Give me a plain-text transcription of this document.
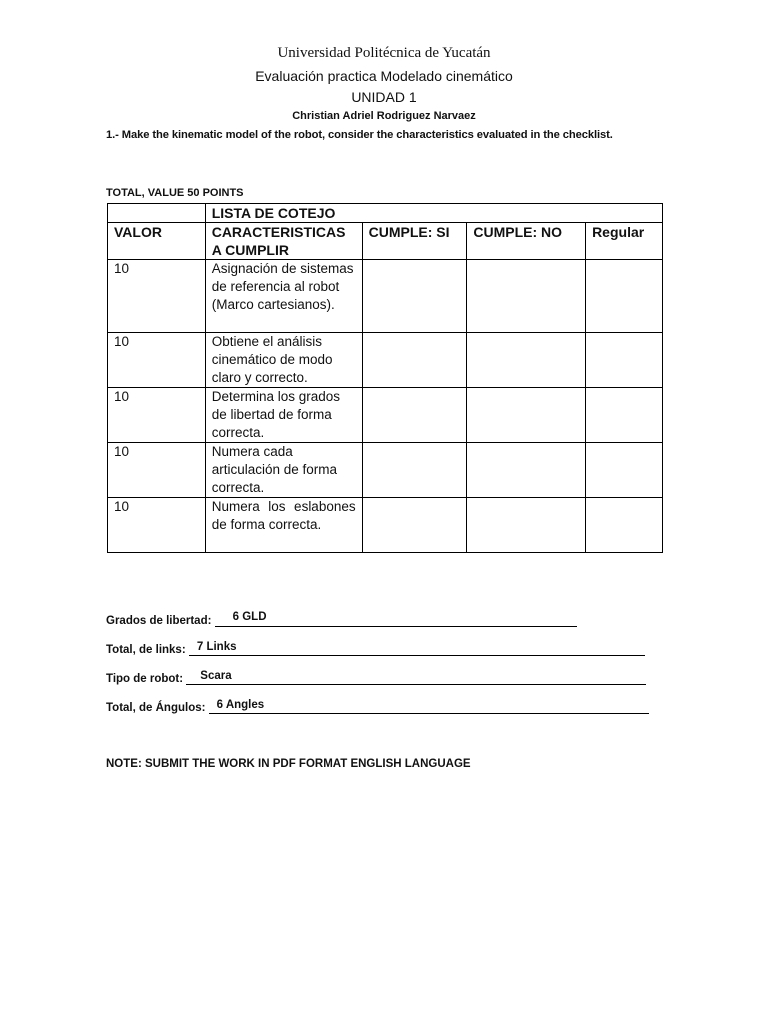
Universidad Politécnica de Yucatán
Evaluación practica Modelado cinemático
UNIDAD 1
Christian Adriel Rodriguez Narvaez
1.- Make the kinematic model of the robot, consider the characteristics evaluated in the checklist.
TOTAL, VALUE 50 POINTS
	LISTA DE COTEJO			
VALOR	CARACTERISTICAS A CUMPLIR	CUMPLE: SI	CUMPLE: NO	Regular
10	Asignación de sistemas de referencia al robot (Marco cartesianos).			
10	Obtiene el análisis cinemático de modo claro y correcto.			
10	Determina los grados de libertad de forma correcta.			
10	Numera cada articulación de forma correcta.			
10	Numera los eslabones de forma correcta.			
Grados de libertad: 6 GLD
Total, de links: 7 Links
Tipo de robot: Scara
Total, de Ángulos: 6 Angles
NOTE: SUBMIT THE WORK IN PDF FORMAT ENGLISH LANGUAGE
